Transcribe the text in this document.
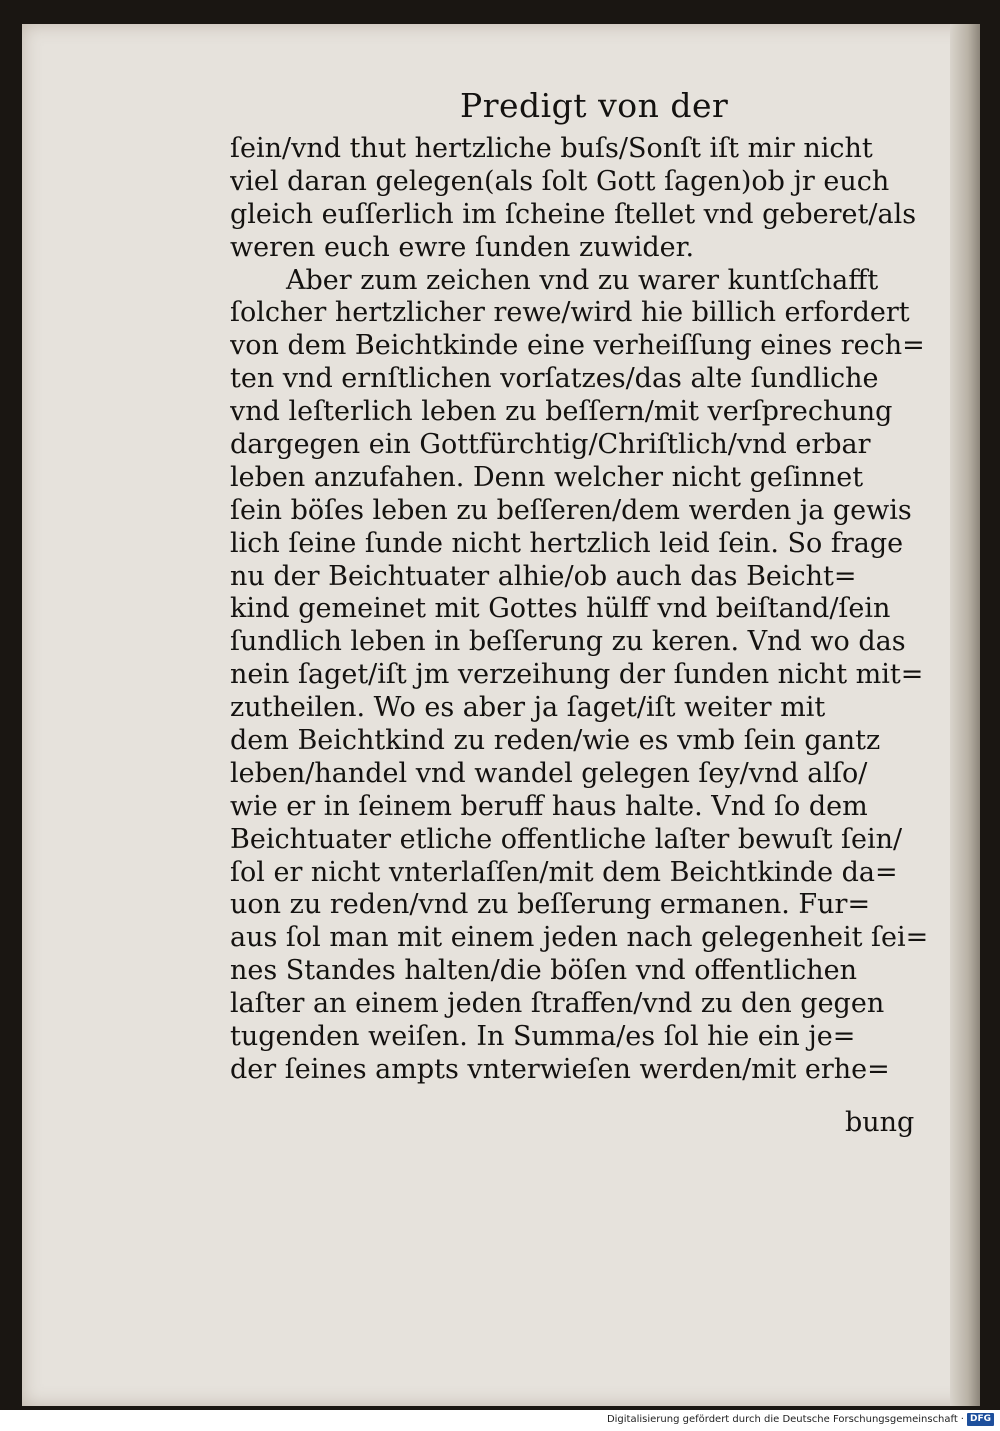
Predigt von der
ſein/vnd thut hertzliche buſs/Sonſt iſt mir nicht
viel daran gelegen(als ſolt Gott ſagen)ob jr euch
gleich euſſerlich im ſcheine ſtellet vnd geberet/als
weren euch ewre ſunden zuwider.
Aber zum zeichen vnd zu warer kuntſchafft
ſolcher hertzlicher rewe/wird hie billich erfordert
von dem Beichtkinde eine verheiſſung eines rech=
ten vnd ernſtlichen vorſatzes/das alte ſundliche
vnd leſterlich leben zu beſſern/mit verſprechung
dargegen ein Gottfürchtig/Chriſtlich/vnd erbar
leben anzufahen. Denn welcher nicht geſinnet
ſein böſes leben zu beſſeren/dem werden ja gewis
lich ſeine ſunde nicht hertzlich leid ſein. So frage
nu der Beichtuater alhie/ob auch das Beicht=
kind gemeinet mit Gottes hülff vnd beiſtand/ſein
ſundlich leben in beſſerung zu keren. Vnd wo das
nein ſaget/iſt jm verzeihung der ſunden nicht mit=
zutheilen. Wo es aber ja ſaget/iſt weiter mit
dem Beichtkind zu reden/wie es vmb ſein gantz
leben/handel vnd wandel gelegen ſey/vnd alſo/
wie er in ſeinem beruff haus halte. Vnd ſo dem
Beichtuater etliche offentliche laſter bewuſt ſein/
ſol er nicht vnterlaſſen/mit dem Beichtkinde da=
uon zu reden/vnd zu beſſerung ermanen. Fur=
aus ſol man mit einem jeden nach gelegenheit ſei=
nes Standes halten/die böſen vnd offentlichen
laſter an einem jeden ſtraffen/vnd zu den gegen
tugenden weiſen. In Summa/es ſol hie ein je=
der ſeines ampts vnterwieſen werden/mit erhe=
bung
Digitalisierung gefördert durch die Deutsche Forschungsgemeinschaft · DFG
